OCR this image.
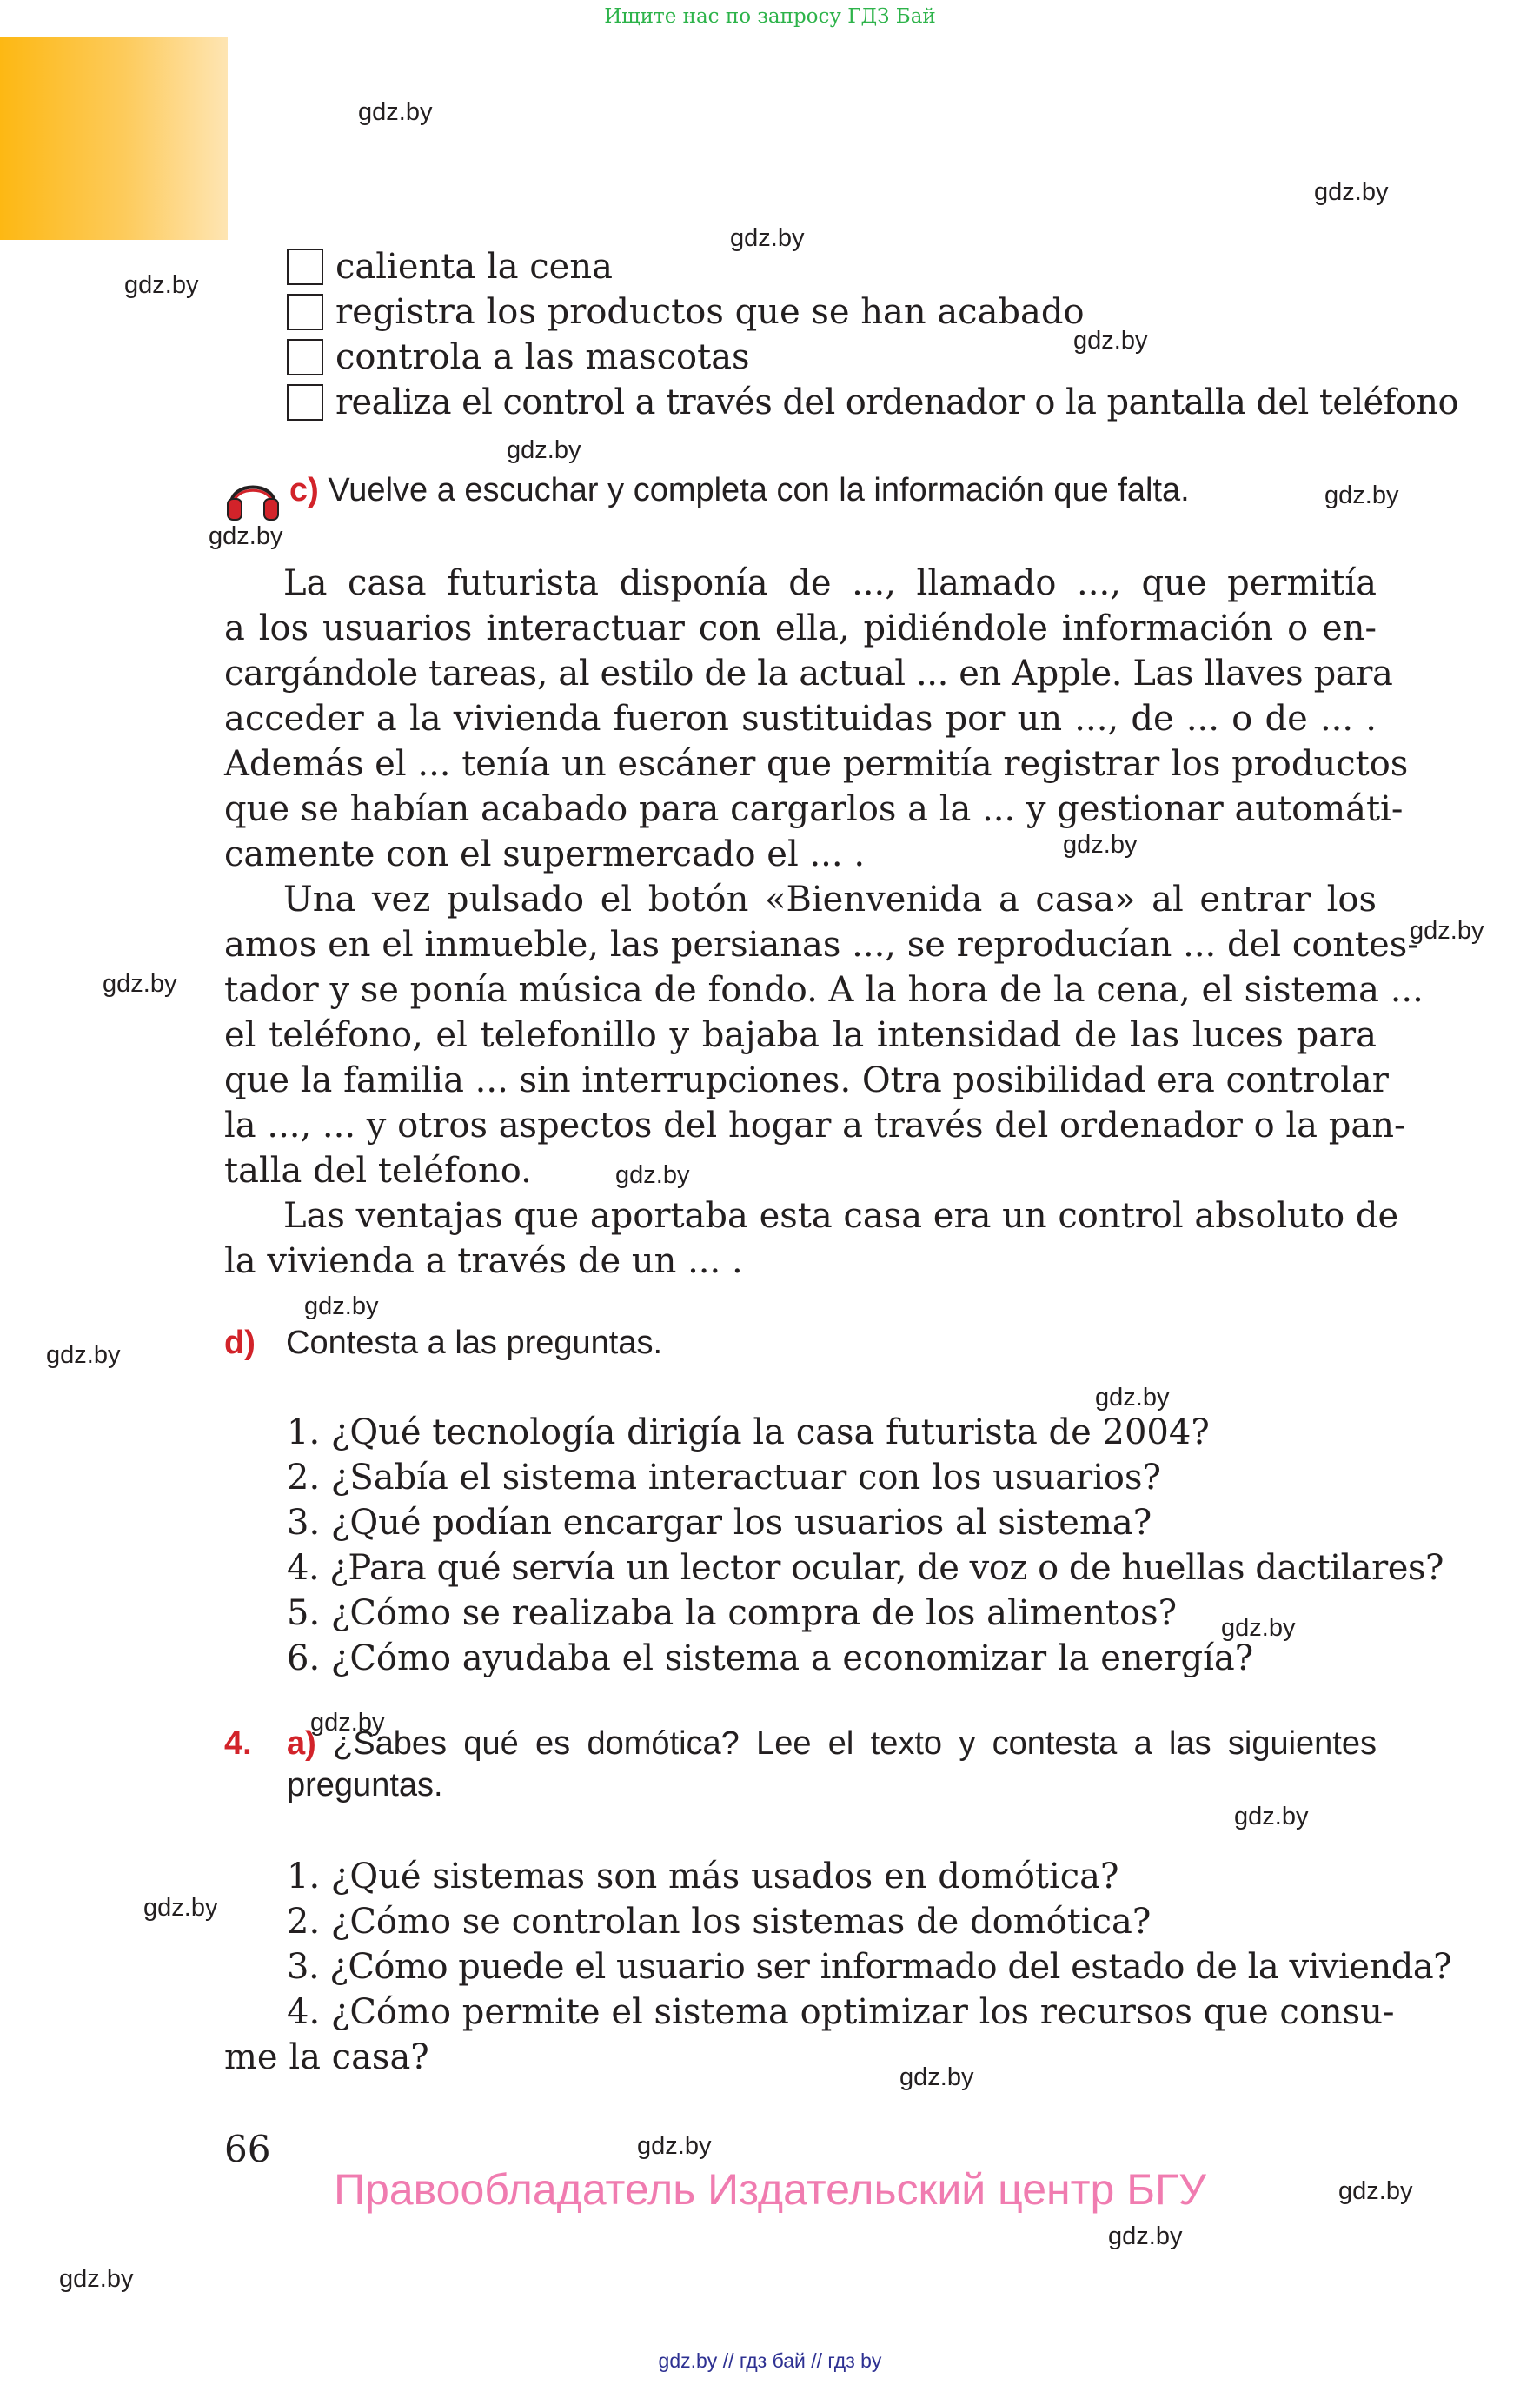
Ищите нас по запросу ГДЗ Бай
gdz.by
gdz.by
gdz.by
gdz.by
gdz.by
gdz.by
gdz.by
gdz.by
gdz.by
gdz.by
gdz.by
gdz.by
gdz.by
gdz.by
gdz.by
gdz.by
gdz.by
gdz.by
gdz.by
gdz.by
gdz.by
gdz.by
gdz.by
gdz.by
calienta la cena
registra los productos que se han acabado
controla a las mascotas
realiza el control a través del ordenador o la pantalla del teléfono
c) Vuelve a escuchar y completa con la información que falta.
La casa futurista disponía de ..., llamado ..., que permitía
a los usuarios interactuar con ella, pidiéndole información o en-
cargándole tareas, al estilo de la actual ... en Apple. Las llaves para
acceder a la vivienda fueron sustituidas por un ..., de ... o de ... .
Además el ... tenía un escáner que permitía registrar los productos
que se habían acabado para cargarlos a la ... y gestionar automáti-
camente con el supermercado el ... .
Una vez pulsado el botón «Bienvenida a casa» al entrar los
amos en el inmueble, las persianas ..., se reproducían ... del contes-
tador y se ponía música de fondo. A la hora de la cena, el sistema ...
el teléfono, el telefonillo y bajaba la intensidad de las luces para
que la familia ... sin interrupciones. Otra posibilidad era controlar
la ..., ... y otros aspectos del hogar a través del ordenador o la pan-
talla del teléfono.
Las ventajas que aportaba esta casa era un control absoluto de
la vivienda a través de un ... .
d) Contesta a las preguntas.
1. ¿Qué tecnología dirigía la casa futurista de 2004?
2. ¿Sabía el sistema interactuar con los usuarios?
3. ¿Qué podían encargar los usuarios al sistema?
4. ¿Para qué servía un lector ocular, de voz o de huellas dactilares?
5. ¿Cómo se realizaba la compra de los alimentos?
6. ¿Cómo ayudaba el sistema a economizar la energía?
4. a) ¿Sabes qué es domótica? Lee el texto y contesta a las siguientes
preguntas.
1. ¿Qué sistemas son más usados en domótica?
2. ¿Cómo se controlan los sistemas de domótica?
3. ¿Cómo puede el usuario ser informado del estado de la vivienda?
4. ¿Cómo permite el sistema optimizar los recursos que consu-
me la casa?
66
Правообладатель Издательский центр БГУ
gdz.by // гдз бай // гдз by
